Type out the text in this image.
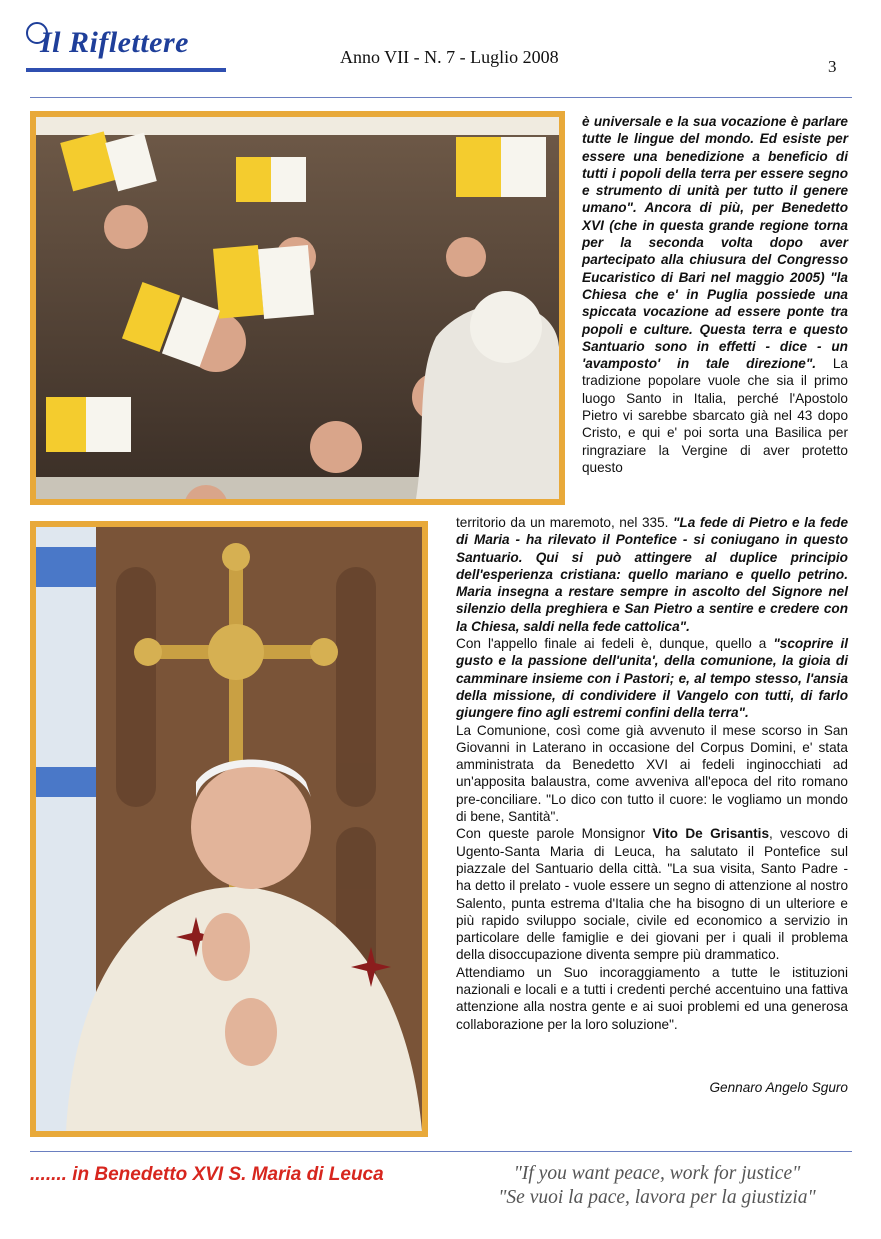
Il Riflettere	Anno VII - N. 7 - Luglio 2008	3
è universale e la sua vocazione è parlare tutte le lingue del mondo. Ed esiste per essere una benedizione a beneficio di tutti i popoli della terra per essere segno e strumento di unità per tutto il genere umano". Ancora di più, per Benedetto XVI (che in questa grande regione torna per la seconda volta dopo aver partecipato alla chiusura del Congresso Eucaristico di Bari nel maggio 2005) "la Chiesa che e' in Puglia possiede una spiccata vocazione ad essere ponte tra popoli e culture. Questa terra e questo Santuario sono in effetti - dice - un 'avamposto' in tale direzione". La tradizione popolare vuole che sia il primo luogo Santo in Italia, perché l'Apostolo Pietro vi sarebbe sbarcato già nel 43 dopo Cristo, e qui e' poi sorta una Basilica per ringraziare la Vergine di aver protetto questo

territorio da un maremoto, nel 335. "La fede di Pietro e la fede di Maria - ha rilevato il Pontefice - si coniugano in questo Santuario. Qui si può attingere al duplice principio dell'esperienza cristiana: quello mariano e quello petrino. Maria insegna a restare sempre in ascolto del Signore nel silenzio della preghiera e San Pietro a sentire e credere con la Chiesa, saldi nella fede cattolica".

Con l'appello finale ai fedeli è, dunque, quello a "scoprire il gusto e la passione dell'unita', della comunione, la gioia di camminare insieme con i Pastori; e, al tempo stesso, l'ansia della missione, di condividere il Vangelo con tutti, di farlo giungere fino agli estremi confini della terra".

La Comunione, così come già avvenuto il mese scorso in San Giovanni in Laterano in occasione del Corpus Domini, e' stata amministrata da Benedetto XVI ai fedeli inginocchiati ad un'apposita balaustra, come avveniva all'epoca del rito romano pre-conciliare. "Lo dico con tutto il cuore: le vogliamo un mondo di bene, Santità".

Con queste parole Monsignor Vito De Grisantis, vescovo di Ugento-Santa Maria di Leuca, ha salutato il Pontefice sul piazzale del Santuario della città. "La sua visita, Santo Padre - ha detto il prelato - vuole essere un segno di attenzione al nostro Salento, punta estrema d'Italia che ha bisogno di un ulteriore e più rapido sviluppo sociale, civile ed economico a servizio in particolare delle famiglie e dei giovani per i quali il problema della disoccupazione diventa sempre più drammatico.

Attendiamo un Suo incoraggiamento a tutte le istituzioni nazionali e locali e a tutti i credenti perché accentuino una fattiva attenzione alla nostra gente e ai suoi problemi ed una generosa collaborazione per la loro soluzione".

Gennaro Angelo Sguro
....... in Benedetto XVI S. Maria di Leuca	"If you want peace, work for justice"
"Se vuoi la pace, lavora per la giustizia"
